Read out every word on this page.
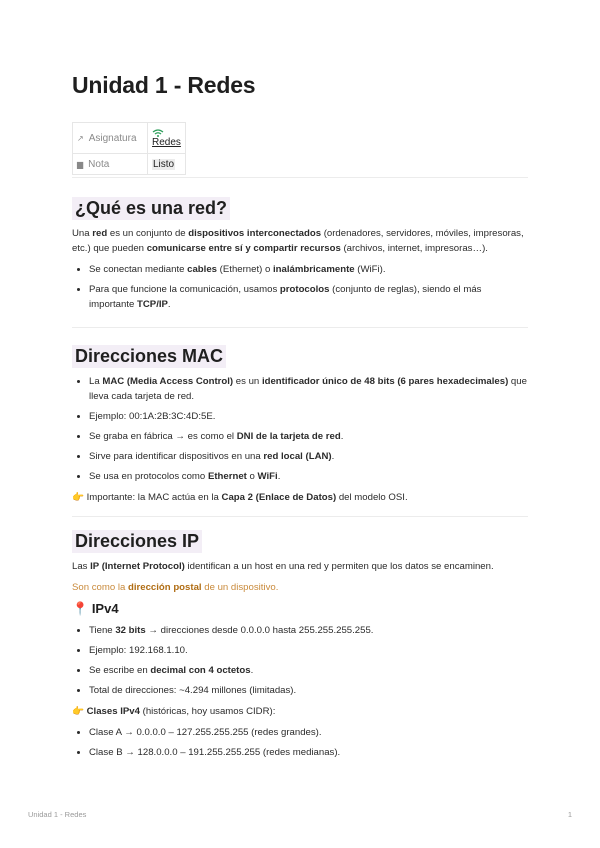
Unidad 1 - Redes
↗ Asignatura	Redes
▆ Nota	Listo
¿Qué es una red?

Una red es un conjunto de dispositivos interconectados (ordenadores, servidores, móviles, impresoras, etc.) que pueden comunicarse entre sí y compartir recursos (archivos, internet, impresoras…).

• Se conectan mediante cables (Ethernet) o inalámbricamente (WiFi).
• Para que funcione la comunicación, usamos protocolos (conjunto de reglas), siendo el más importante TCP/IP.
Direcciones MAC
• La MAC (Media Access Control) es un identificador único de 48 bits (6 pares hexadecimales) que lleva cada tarjeta de red.
• Ejemplo: 00:1A:2B:3C:4D:5E.
• Se graba en fábrica → es como el DNI de la tarjeta de red.
• Sirve para identificar dispositivos en una red local (LAN).
• Se usa en protocolos como Ethernet o WiFi.

👉 Importante: la MAC actúa en la Capa 2 (Enlace de Datos) del modelo OSI.

Direcciones IP

Las IP (Internet Protocol) identifican a un host en una red y permiten que los datos se encaminen.

Son como la dirección postal de un dispositivo.

📍 IPv4
• Tiene 32 bits → direcciones desde 0.0.0.0 hasta 255.255.255.255.
• Ejemplo: 192.168.1.10.
• Se escribe en decimal con 4 octetos.
• Total de direcciones: ~4.294 millones (limitadas).

👉 Clases IPv4 (históricas, hoy usamos CIDR):

• Clase A → 0.0.0.0 – 127.255.255.255 (redes grandes).
• Clase B → 128.0.0.0 – 191.255.255.255 (redes medianas).
Unidad 1 - Redes	1
